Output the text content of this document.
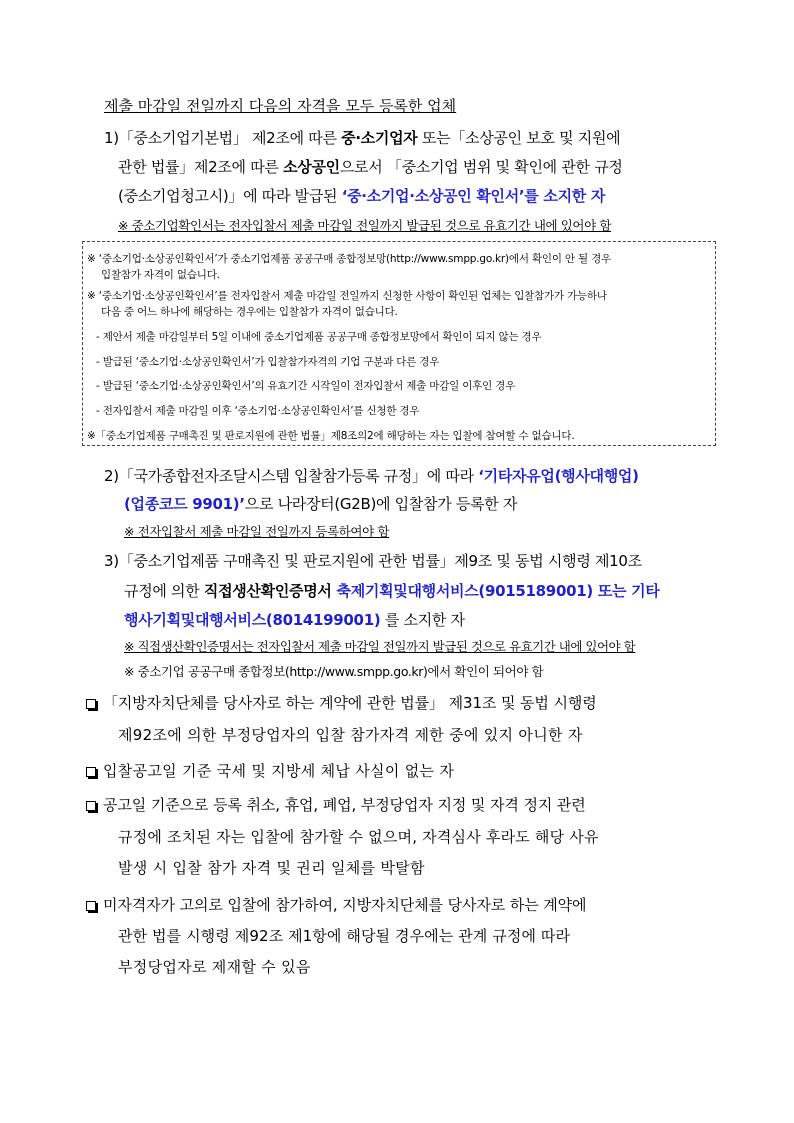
제출 마감일 전일까지 다음의 자격을 모두 등록한 업체
1)「중소기업기본법」 제2조에 따른 중·소기업자 또는「소상공인 보호 및 지원에
관한 법률」제2조에 따른 소상공인으로서 「중소기업 범위 및 확인에 관한 규정
(중소기업청고시)」에 따라 발급된 ‘중·소기업·소상공인 확인서’를 소지한 자
※ 중소기업확인서는 전자입찰서 제출 마감일 전일까지 발급된 것으로 유효기간 내에 있어야 함
※ ‘중소기업·소상공인확인서’가 중소기업제품 공공구매 종합정보망(http://www.smpp.go.kr)에서 확인이 안 될 경우
입찰참가 자격이 없습니다.
※ ‘중소기업·소상공인확인서’를 전자입찰서 제출 마감일 전일까지 신청한 사항이 확인된 업체는 입찰참가가 가능하나
다음 중 어느 하나에 해당하는 경우에는 입찰참가 자격이 없습니다.
- 제안서 제출 마감일부터 5일 이내에 중소기업제품 공공구매 종합정보망에서 확인이 되지 않는 경우
- 발급된 ‘중소기업·소상공인확인서’가 입찰참가자격의 기업 구분과 다른 경우
- 발급된 ‘중소기업·소상공인확인서’의 유효기간 시작일이 전자입찰서 제출 마감일 이후인 경우
- 전자입찰서 제출 마감일 이후 ‘중소기업·소상공인확인서’를 신청한 경우
※「중소기업제품 구매촉진 및 판로지원에 관한 법률」제8조의2에 해당하는 자는 입찰에 참여할 수 없습니다.
2)「국가종합전자조달시스템 입찰참가등록 규정」에 따라 ‘기타자유업(행사대행업)
(업종코드 9901)’으로 나라장터(G2B)에 입찰참가 등록한 자
※ 전자입찰서 제출 마감일 전일까지 등록하여야 함
3)「중소기업제품 구매촉진 및 판로지원에 관한 법률」제9조 및 동법 시행령 제10조
규정에 의한 직접생산확인증명서 축제기획및대행서비스(9015189001) 또는 기타
행사기획및대행서비스(8014199001) 를 소지한 자
※ 직접생산확인증명서는 전자입찰서 제출 마감일 전일까지 발급된 것으로 유효기간 내에 있어야 함
※ 중소기업 공공구매 종합정보(http://www.smpp.go.kr)에서 확인이 되어야 함
「지방자치단체를 당사자로 하는 계약에 관한 법률」 제31조 및 동법 시행령
제92조에 의한 부정당업자의 입찰 참가자격 제한 중에 있지 아니한 자
입찰공고일 기준 국세 및 지방세 체납 사실이 없는 자
공고일 기준으로 등록 취소, 휴업, 폐업, 부정당업자 지정 및 자격 정지 관련
규정에 조치된 자는 입찰에 참가할 수 없으며, 자격심사 후라도 해당 사유
발생 시 입찰 참가 자격 및 권리 일체를 박탈함
미자격자가 고의로 입찰에 참가하여, 지방자치단체를 당사자로 하는 계약에
관한 법를 시행령 제92조 제1항에 해당될 경우에는 관계 규정에 따라
부정당업자로 제재할 수 있음
